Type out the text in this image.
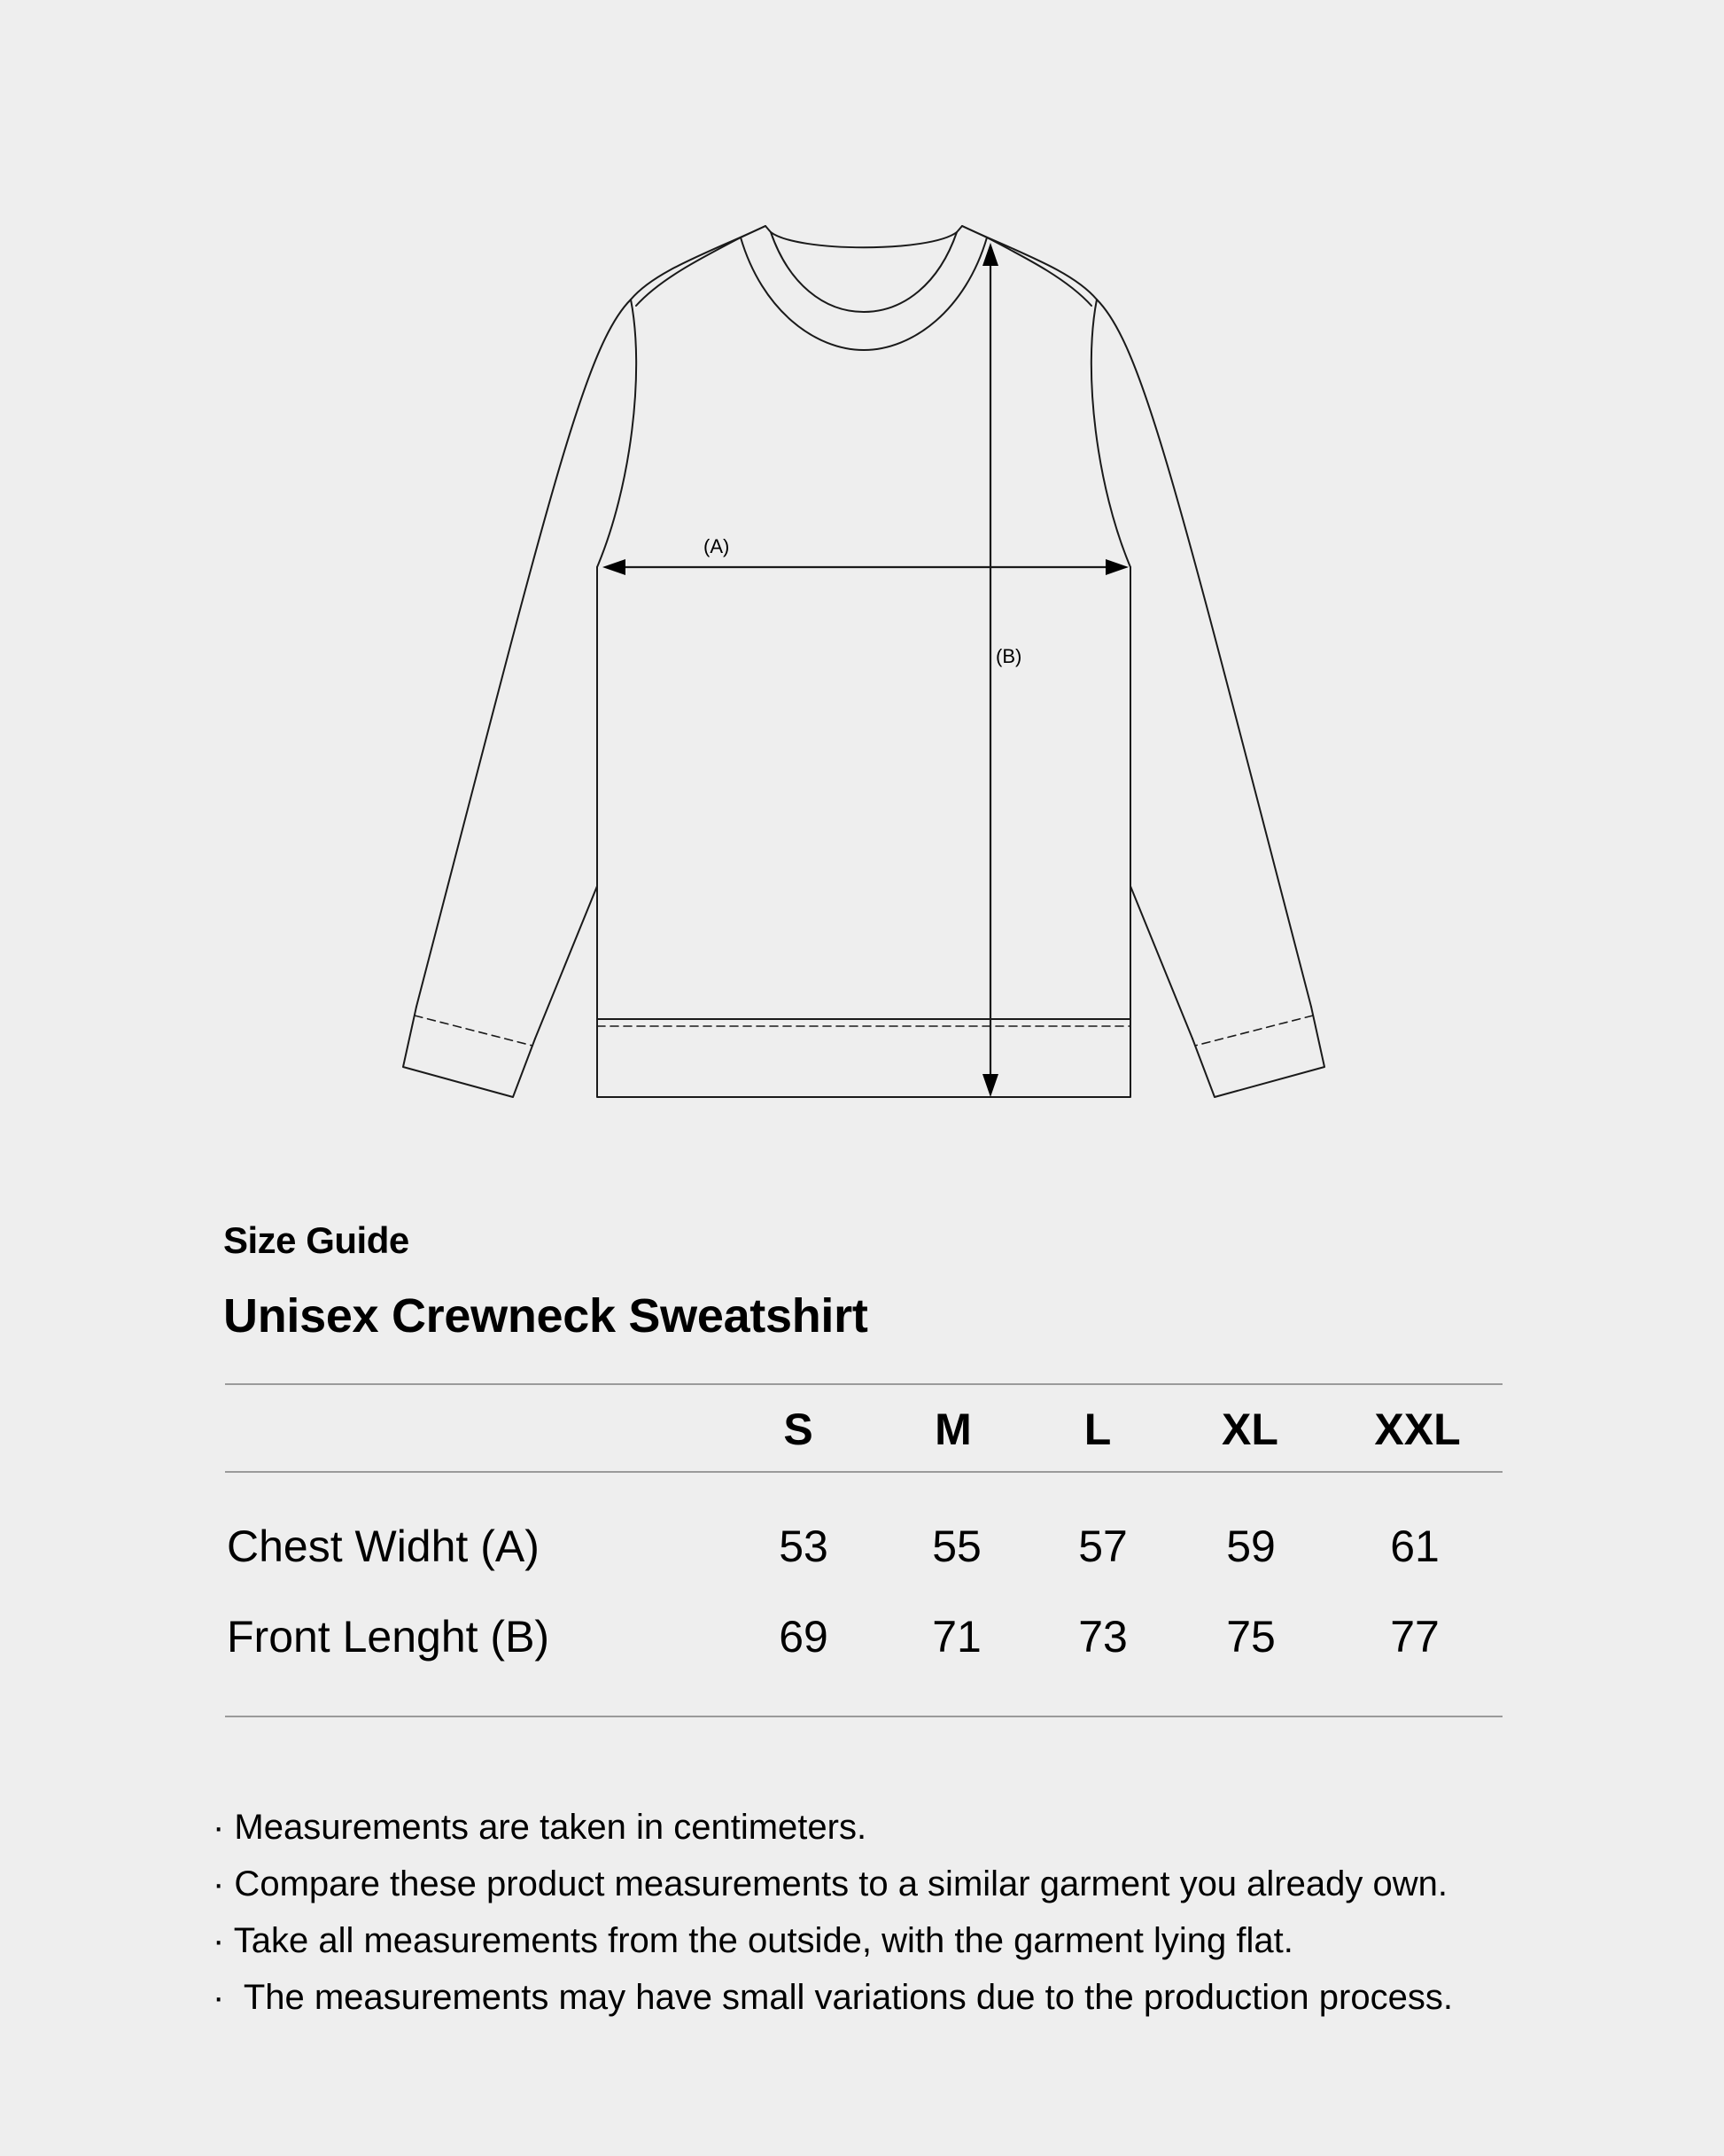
(A)
(B)
Size Guide
Unisex Crewneck Sweatshirt
S	M	L XL XXL
Chest Widht (A)	53 55 57 59	61
Front Lenght (B)	69 71 73 75	77
· Measurements are taken in centimeters.
· Compare these product measurements to a similar garment you already own.
· Take all measurements from the outside, with the garment lying flat.
·  The measurements may have small variations due to the production process.
